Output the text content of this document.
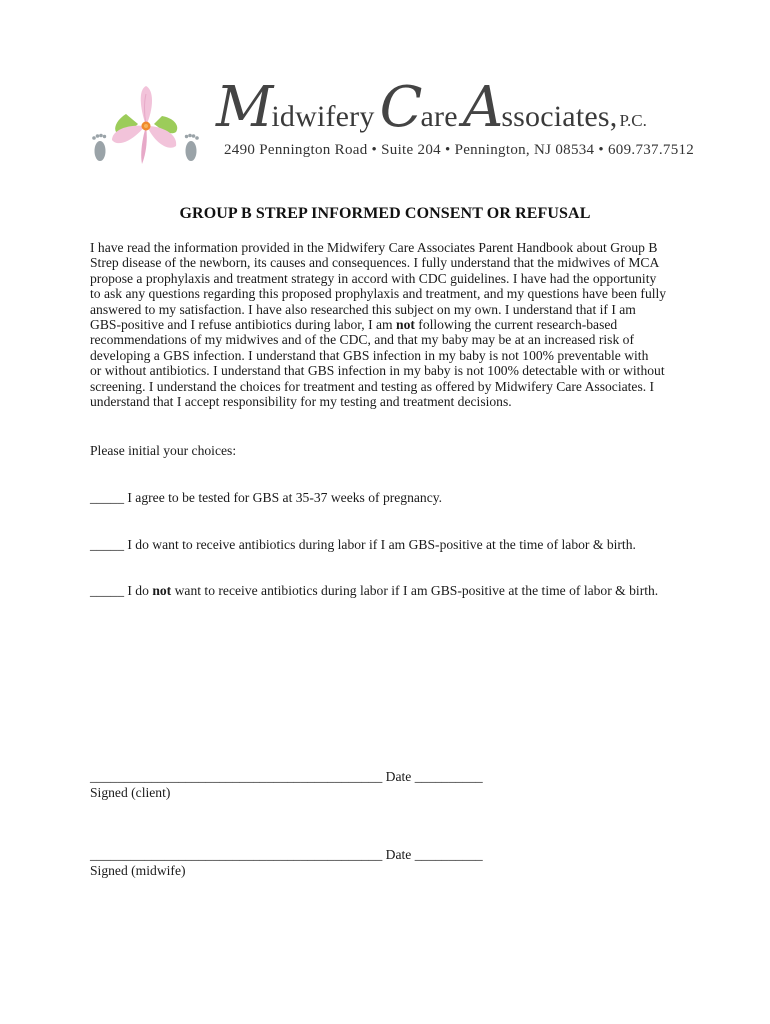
Midwifery Care Associates, P.C.
2490 Pennington Road • Suite 204 • Pennington, NJ 08534 • 609.737.7512
GROUP B STREP INFORMED CONSENT OR REFUSAL
I have read the information provided in the Midwifery Care Associates Parent Handbook about Group B
Strep disease of the newborn, its causes and consequences. I fully understand that the midwives of MCA
propose a prophylaxis and treatment strategy in accord with CDC guidelines. I have had the opportunity
to ask any questions regarding this proposed prophylaxis and treatment, and my questions have been fully
answered to my satisfaction. I have also researched this subject on my own. I understand that if I am
GBS-positive and I refuse antibiotics during labor, I am not following the current research-based
recommendations of my midwives and of the CDC, and that my baby may be at an increased risk of
developing a GBS infection. I understand that GBS infection in my baby is not 100% preventable with
or without antibiotics. I understand that GBS infection in my baby is not 100% detectable with or without
screening. I understand the choices for treatment and testing as offered by Midwifery Care Associates. I
understand that I accept responsibility for my testing and treatment decisions.
Please initial your choices:
_____ I agree to be tested for GBS at 35-37 weeks of pregnancy.
_____ I do want to receive antibiotics during labor if I am GBS-positive at the time of labor & birth.
_____ I do not want to receive antibiotics during labor if I am GBS-positive at the time of labor & birth.
___________________________________________ Date __________
Signed (client)
___________________________________________ Date __________
Signed (midwife)
